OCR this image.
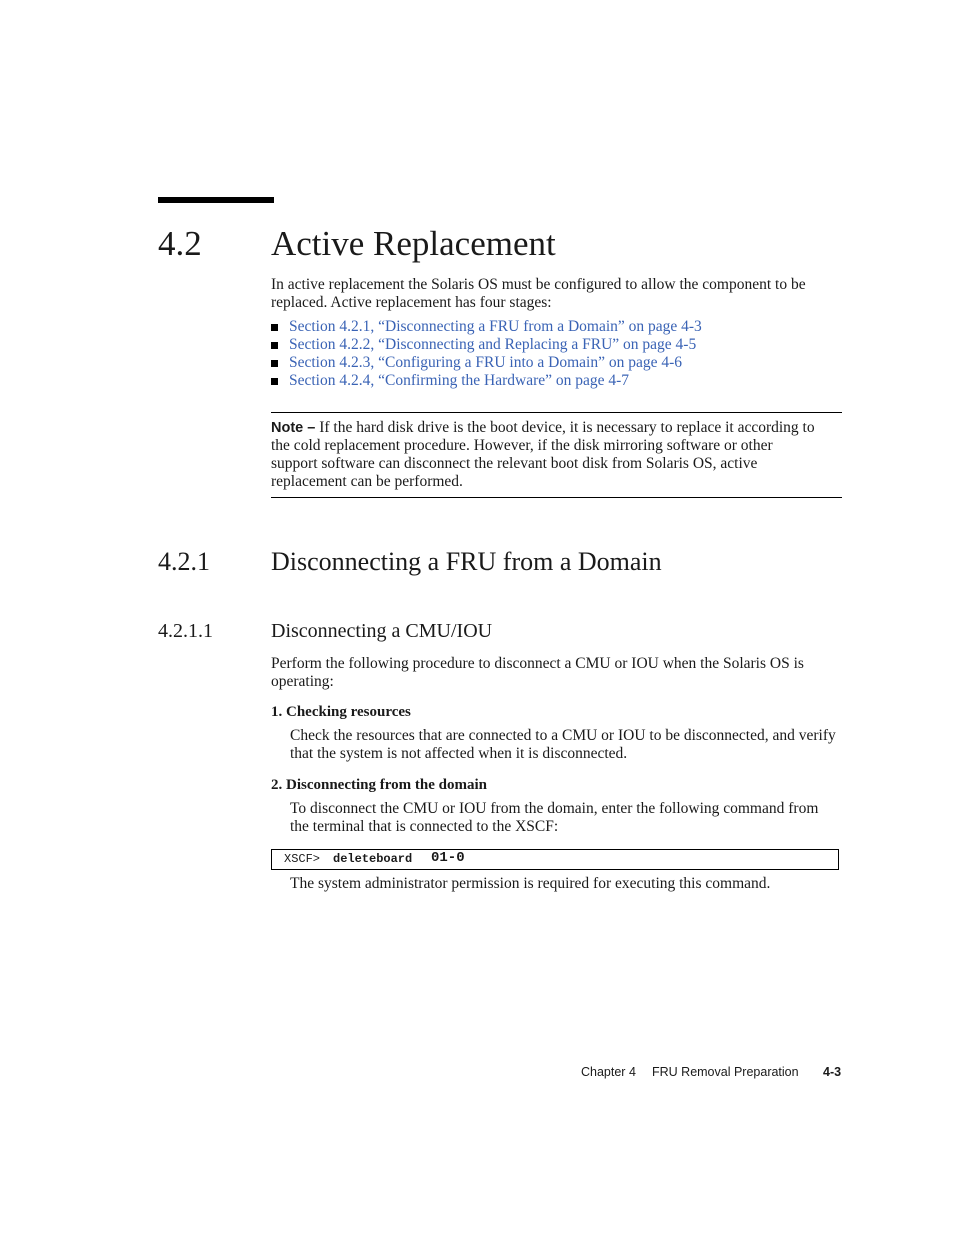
4.2 Active Replacement
In active replacement the Solaris OS must be configured to allow the component to be replaced. Active replacement has four stages:
Section 4.2.1, “Disconnecting a FRU from a Domain” on page 4-3
Section 4.2.2, “Disconnecting and Replacing a FRU” on page 4-5
Section 4.2.3, “Configuring a FRU into a Domain” on page 4-6
Section 4.2.4, “Confirming the Hardware” on page 4-7
Note – If the hard disk drive is the boot device, it is necessary to replace it according to the cold replacement procedure. However, if the disk mirroring software or other support software can disconnect the relevant boot disk from Solaris OS, active replacement can be performed.
4.2.1 Disconnecting a FRU from a Domain
4.2.1.1	Disconnecting a CMU/IOU
Perform the following procedure to disconnect a CMU or IOU when the Solaris OS is operating:
1. Checking resources
Check the resources that are connected to a CMU or IOU to be disconnected, and verify that the system is not affected when it is disconnected.
2. Disconnecting from the domain
To disconnect the CMU or IOU from the domain, enter the following command from the terminal that is connected to the XSCF:
XSCF> deleteboard 01-0
The system administrator permission is required for executing this command.
Chapter 4 FRU Removal Preparation 4-3
